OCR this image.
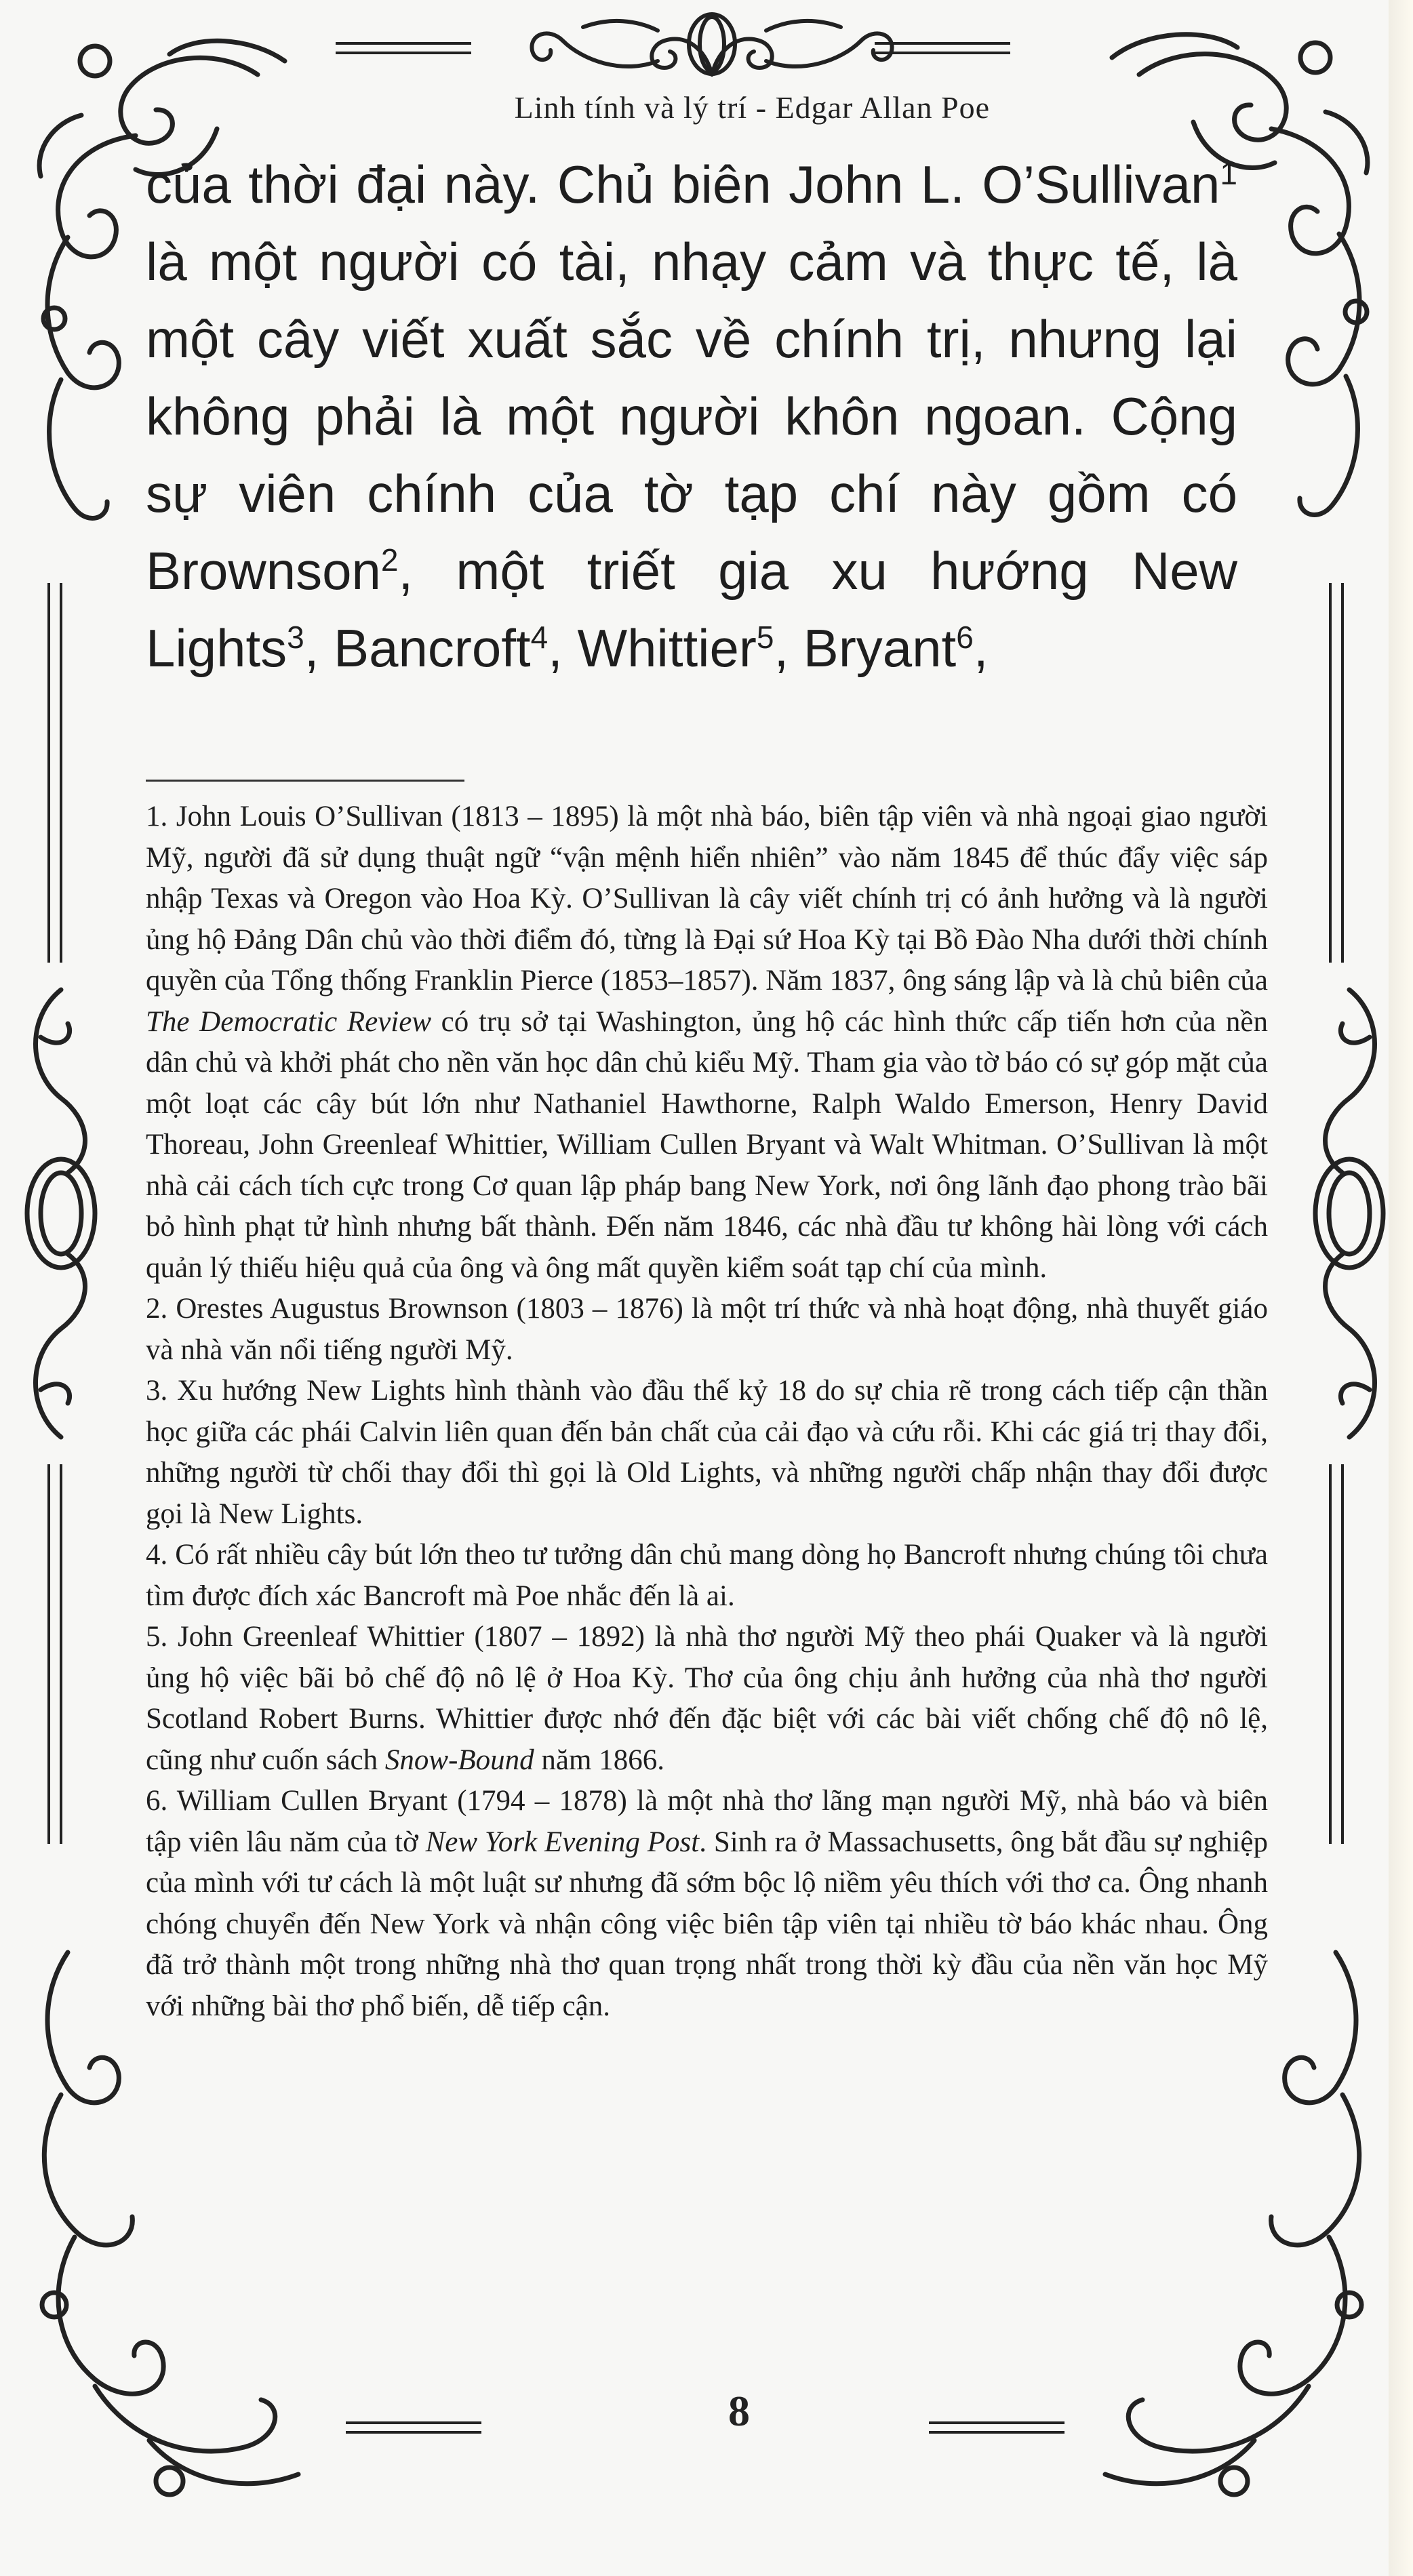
Linh tính và lý trí - Edgar Allan Poe
của thời đại này. Chủ biên John L. O’Sullivan$^1$ là một người có tài, nhạy cảm và thực tế, là một cây viết xuất sắc về chính trị, nhưng lại không phải là một người khôn ngoan. Cộng sự viên chính của tờ tạp chí này gồm có Brownson$^2$, một triết gia xu hướng New Lights$^3$, Bancroft$^4$, Whittier$^5$, Bryant$^6$,

1. John Louis O’Sullivan (1813 – 1895) là một nhà báo, biên tập viên và nhà ngoại giao người Mỹ, người đã sử dụng thuật ngữ “vận mệnh hiển nhiên” vào năm 1845 để thúc đẩy việc sáp nhập Texas và Oregon vào Hoa Kỳ. O’Sullivan là cây viết chính trị có ảnh hưởng và là người ủng hộ Đảng Dân chủ vào thời điểm đó, từng là Đại sứ Hoa Kỳ tại Bồ Đào Nha dưới thời chính quyền của Tổng thống Franklin Pierce (1853–1857). Năm 1837, ông sáng lập và là chủ biên của The Democratic Review có trụ sở tại Washington, ủng hộ các hình thức cấp tiến hơn của nền dân chủ và khởi phát cho nền văn học dân chủ kiểu Mỹ. Tham gia vào tờ báo có sự góp mặt của một loạt các cây bút lớn như Nathaniel Hawthorne, Ralph Waldo Emerson, Henry David Thoreau, John Greenleaf Whittier, William Cullen Bryant và Walt Whitman. O’Sullivan là một nhà cải cách tích cực trong Cơ quan lập pháp bang New York, nơi ông lãnh đạo phong trào bãi bỏ hình phạt tử hình nhưng bất thành. Đến năm 1846, các nhà đầu tư không hài lòng với cách quản lý thiếu hiệu quả của ông và ông mất quyền kiểm soát tạp chí của mình.

2. Orestes Augustus Brownson (1803 – 1876) là một trí thức và nhà hoạt động, nhà thuyết giáo và nhà văn nổi tiếng người Mỹ.

3. Xu hướng New Lights hình thành vào đầu thế kỷ 18 do sự chia rẽ trong cách tiếp cận thần học giữa các phái Calvin liên quan đến bản chất của cải đạo và cứu rỗi. Khi các giá trị thay đổi, những người từ chối thay đổi thì gọi là Old Lights, và những người chấp nhận thay đổi được gọi là New Lights.

4. Có rất nhiều cây bút lớn theo tư tưởng dân chủ mang dòng họ Bancroft nhưng chúng tôi chưa tìm được đích xác Bancroft mà Poe nhắc đến là ai.

5. John Greenleaf Whittier (1807 – 1892) là nhà thơ người Mỹ theo phái Quaker và là người ủng hộ việc bãi bỏ chế độ nô lệ ở Hoa Kỳ. Thơ của ông chịu ảnh hưởng của nhà thơ người Scotland Robert Burns. Whittier được nhớ đến đặc biệt với các bài viết chống chế độ nô lệ, cũng như cuốn sách Snow-Bound năm 1866.

6. William Cullen Bryant (1794 – 1878) là một nhà thơ lãng mạn người Mỹ, nhà báo và biên tập viên lâu năm của tờ New York Evening Post. Sinh ra ở Massachusetts, ông bắt đầu sự nghiệp của mình với tư cách là một luật sư nhưng đã sớm bộc lộ niềm yêu thích với thơ ca. Ông nhanh chóng chuyển đến New York và nhận công việc biên tập viên tại nhiều tờ báo khác nhau. Ông đã trở thành một trong những nhà thơ quan trọng nhất trong thời kỳ đầu của nền văn học Mỹ với những bài thơ phổ biến, dễ tiếp cận.

8
